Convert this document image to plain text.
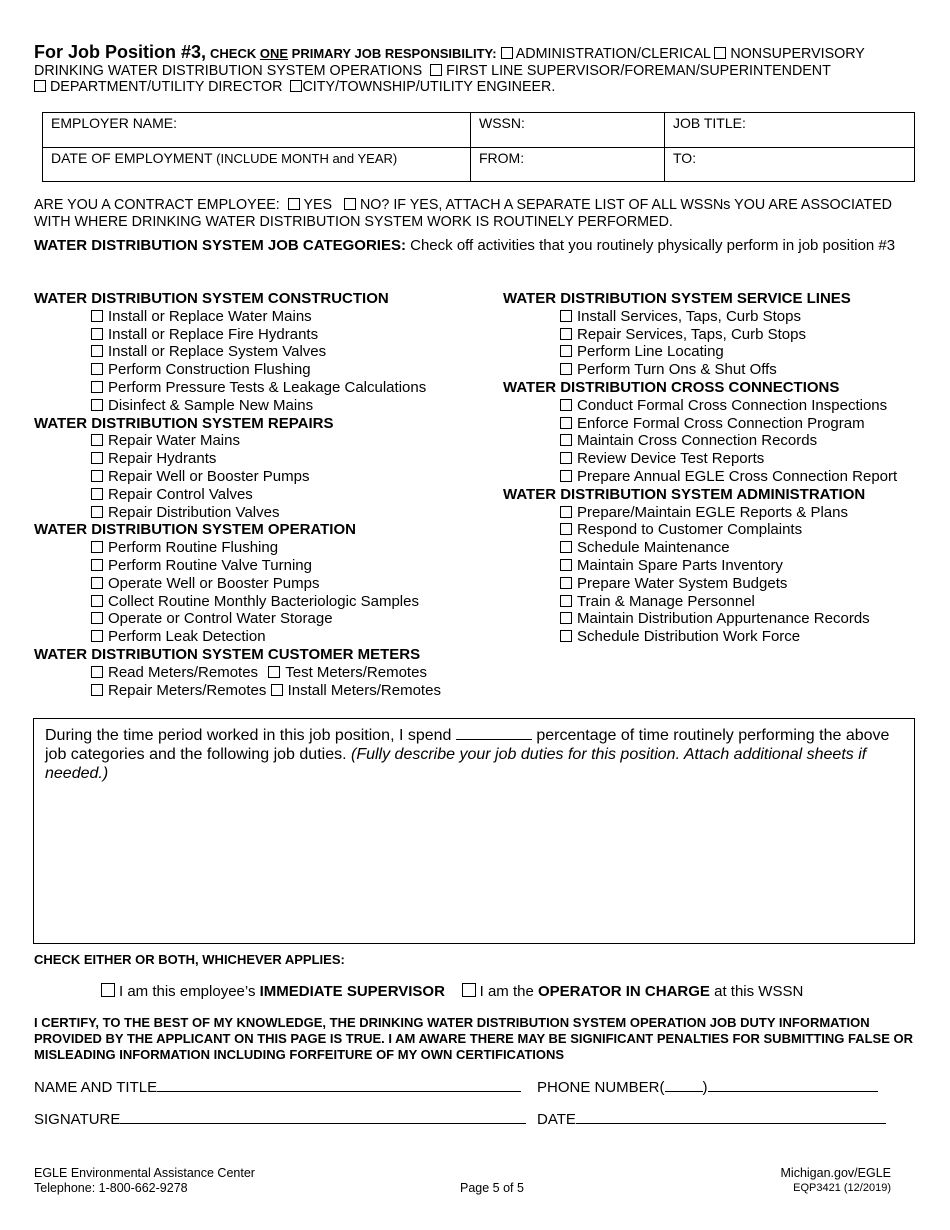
For Job Position #3, CHECK ONE PRIMARY JOB RESPONSIBILITY: ADMINISTRATION/CLERICAL NONSUPERVISORY DRINKING WATER DISTRIBUTION SYSTEM OPERATIONS FIRST LINE SUPERVISOR/FOREMAN/SUPERINTENDENT
DEPARTMENT/UTILITY DIRECTOR CITY/TOWNSHIP/UTILITY ENGINEER.
EMPLOYER NAME:	WSSN:	JOB TITLE:
DATE OF EMPLOYMENT (INCLUDE MONTH and YEAR)	FROM:	TO:
ARE YOU A CONTRACT EMPLOYEE: YES NO? IF YES, ATTACH A SEPARATE LIST OF ALL WSSNs YOU ARE ASSOCIATED WITH WHERE DRINKING WATER DISTRIBUTION SYSTEM WORK IS ROUTINELY PERFORMED.
WATER DISTRIBUTION SYSTEM JOB CATEGORIES: Check off activities that you routinely physically perform in job position #3
WATER DISTRIBUTION SYSTEM CONSTRUCTION
Install or Replace Water Mains
Install or Replace Fire Hydrants
Install or Replace System Valves
Perform Construction Flushing
Perform Pressure Tests & Leakage Calculations
Disinfect & Sample New Mains
WATER DISTRIBUTION SYSTEM REPAIRS
Repair Water Mains
Repair Hydrants
Repair Well or Booster Pumps
Repair Control Valves
Repair Distribution Valves
WATER DISTRIBUTION SYSTEM OPERATION
Perform Routine Flushing
Perform Routine Valve Turning
Operate Well or Booster Pumps
Collect Routine Monthly Bacteriologic Samples
Operate or Control Water Storage
Perform Leak Detection
WATER DISTRIBUTION SYSTEM CUSTOMER METERS
Read Meters/Remotes Test Meters/Remotes
Repair Meters/Remotes Install Meters/Remotes
WATER DISTRIBUTION SYSTEM SERVICE LINES
Install Services, Taps, Curb Stops
Repair Services, Taps, Curb Stops
Perform Line Locating
Perform Turn Ons & Shut Offs
WATER DISTRIBUTION CROSS CONNECTIONS
Conduct Formal Cross Connection Inspections
Enforce Formal Cross Connection Program
Maintain Cross Connection Records
Review Device Test Reports
Prepare Annual EGLE Cross Connection Report
WATER DISTRIBUTION SYSTEM ADMINISTRATION
Prepare/Maintain EGLE Reports & Plans
Respond to Customer Complaints
Schedule Maintenance
Maintain Spare Parts Inventory
Prepare Water System Budgets
Train & Manage Personnel
Maintain Distribution Appurtenance Records
Schedule Distribution Work Force
During the time period worked in this job position, I spend	percentage of time routinely performing the above job categories and the following job duties. (Fully describe your job duties for this position. Attach additional sheets if needed.)
CHECK EITHER OR BOTH, WHICHEVER APPLIES:
I am this employee’s IMMEDIATE SUPERVISOR I am the OPERATOR IN CHARGE at this WSSN
I CERTIFY, TO THE BEST OF MY KNOWLEDGE, THE DRINKING WATER DISTRIBUTION SYSTEM OPERATION JOB DUTY INFORMATION PROVIDED BY THE APPLICANT ON THIS PAGE IS TRUE. I AM AWARE THERE MAY BE SIGNIFICANT PENALTIES FOR SUBMITTING FALSE OR MISLEADING INFORMATION INCLUDING FORFEITURE OF MY OWN CERTIFICATIONS
NAME AND TITLE	PHONE NUMBER(	)
SIGNATURE	DATE
EGLE Environmental Assistance Center
Telephone: 1-800-662-9278	Page 5 of 5
Michigan.gov/EGLE
EQP3421 (12/2019)
